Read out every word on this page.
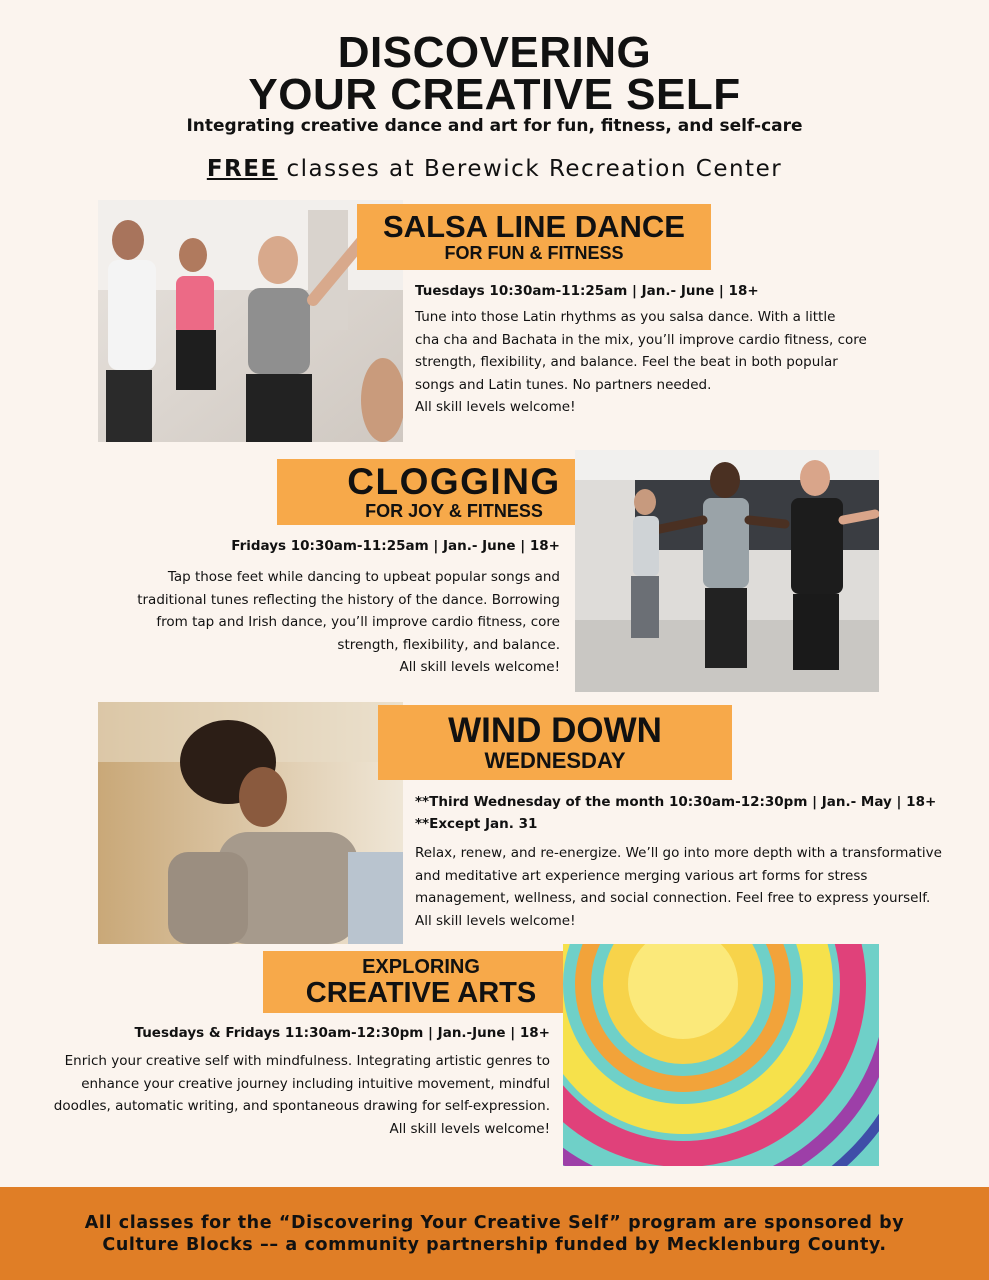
DISCOVERING
YOUR CREATIVE SELF
Integrating creative dance and art for fun, fitness, and self-care
FREE classes at Berewick Recreation Center
SALSA LINE DANCE
FOR FUN & FITNESS
Tuesdays 10:30am-11:25am | Jan.- June | 18+
Tune into those Latin rhythms as you salsa dance. With a little
cha cha and Bachata in the mix, you’ll improve cardio fitness, core
strength, flexibility, and balance. Feel the beat in both popular
songs and Latin tunes. No partners needed.
All skill levels welcome!
CLOGGING
FOR JOY & FITNESS
Fridays 10:30am-11:25am | Jan.- June | 18+
Tap those feet while dancing to upbeat popular songs and
traditional tunes reflecting the history of the dance. Borrowing
from tap and Irish dance, you’ll improve cardio fitness, core
strength, flexibility, and balance.
All skill levels welcome!
WIND DOWN
WEDNESDAY
**Third Wednesday of the month 10:30am-12:30pm | Jan.- May | 18+
**Except Jan. 31
Relax, renew, and re-energize. We’ll go into more depth with a transformative
and meditative art experience merging various art forms for stress
management, wellness, and social connection. Feel free to express yourself.
All skill levels welcome!
EXPLORING
CREATIVE ARTS
Tuesdays & Fridays 11:30am-12:30pm | Jan.-June | 18+
Enrich your creative self with mindfulness. Integrating artistic genres to
enhance your creative journey including intuitive movement, mindful
doodles, automatic writing, and spontaneous drawing for self-expression.
All skill levels welcome!
All classes for the “Discovering Your Creative Self” program are sponsored by
Culture Blocks –– a community partnership funded by Mecklenburg County.
